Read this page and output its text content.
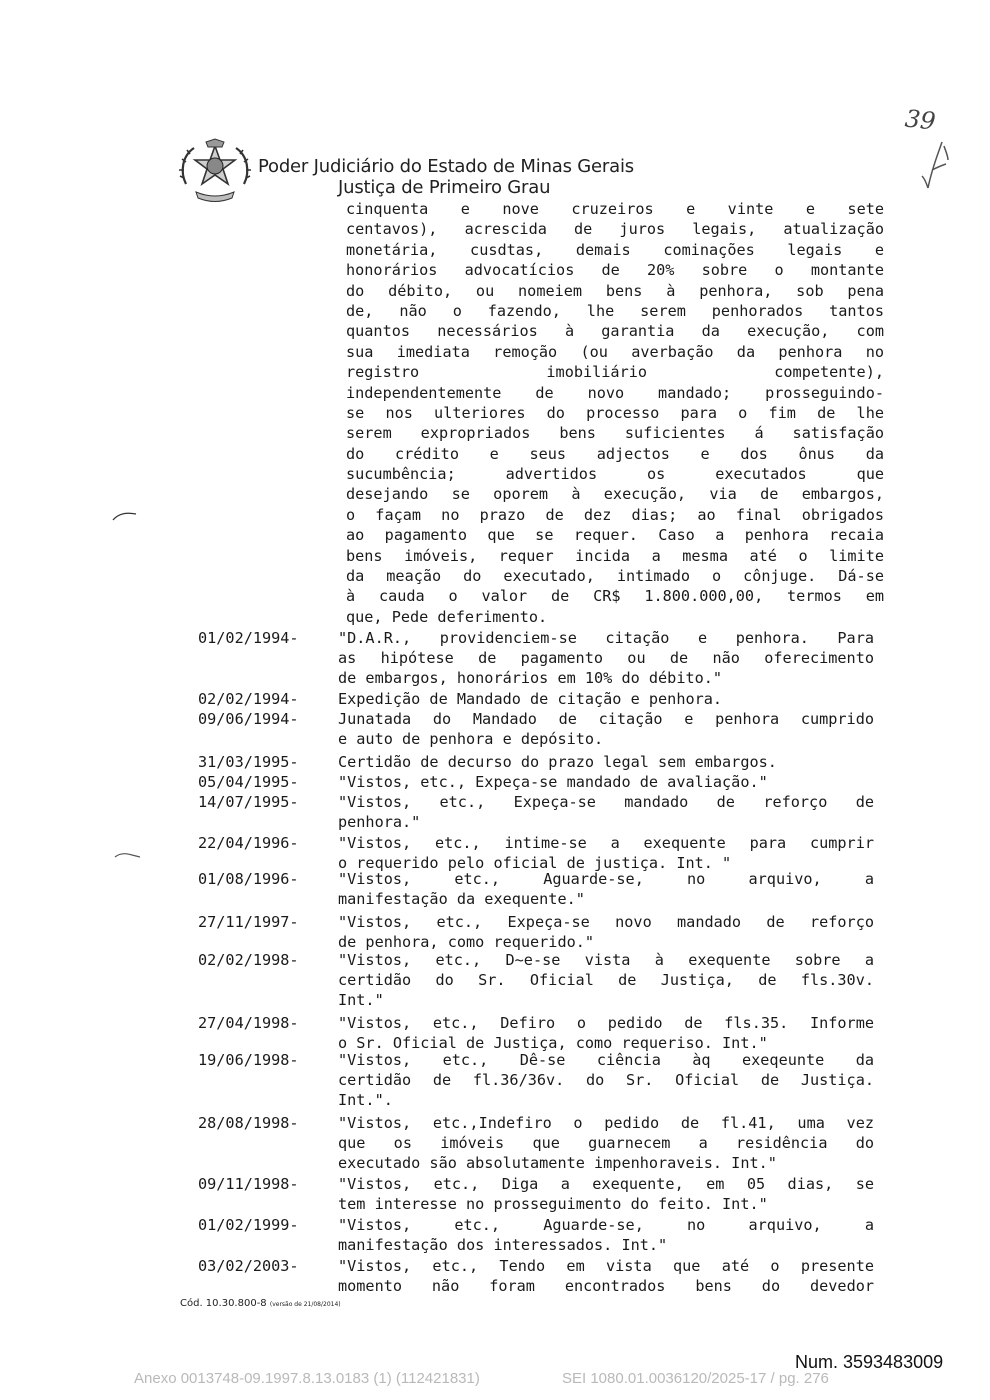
Poder Judiciário do Estado de Minas Gerais
Justiça de Primeiro Grau
39
cinquenta e nove cruzeiros e vinte e sete
centavos), acrescida de juros legais, atualização
monetária, cusdtas, demais cominações legais e
honorários advocatícios de 20% sobre o montante
do débito, ou nomeiem bens à penhora, sob pena
de, não o fazendo, lhe serem penhorados tantos
quantos necessários à garantia da execução, com
sua imediata remoção (ou averbação da penhora no
registro imobiliário competente),
independentemente de novo mandado; prosseguindo-
se nos ulteriores do processo para o fim de lhe
serem expropriados bens suficientes á satisfação
do crédito e seus adjectos e dos ônus da
sucumbência; advertidos os executados que
desejando se oporem à execução, via de embargos,
o façam no prazo de dez dias; ao final obrigados
ao pagamento que se requer. Caso a penhora recaia
bens imóveis, requer incida a mesma até o limite
da meação do executado, intimado o cônjuge. Dá-se
à cauda o valor de CR$ 1.800.000,00, termos em
que, Pede deferimento.
01/02/1994-	"D.A.R., providenciem-se citação e penhora. Para
as hipótese de pagamento ou de não oferecimento
de embargos, honorários em 10% do débito."
02/02/1994-	Expedição de Mandado de citação e penhora.
09/06/1994-	Junatada do Mandado de citação e penhora cumprido
e auto de penhora e depósito.
31/03/1995-	Certidão de decurso do prazo legal sem embargos.
05/04/1995-	"Vistos, etc., Expeça-se mandado de avaliação."
14/07/1995-	"Vistos, etc., Expeça-se mandado de reforço de
penhora."
22/04/1996-	"Vistos, etc., intime-se a exequente para cumprir
o requerido pelo oficial de justiça. Int. "
01/08/1996-	"Vistos, etc., Aguarde-se, no arquivo, a
manifestação da exequente."
27/11/1997-	"Vistos, etc., Expeça-se novo mandado de reforço
de penhora, como requerido."
02/02/1998-	"Vistos, etc., D~e-se vista à exequente sobre a
certidão do Sr. Oficial de Justiça, de fls.30v.
Int."
27/04/1998-	"Vistos, etc., Defiro o pedido de fls.35. Informe
o Sr. Oficial de Justiça, como requeriso. Int."
19/06/1998-	"Vistos, etc., Dê-se ciência àq exeqeunte da
certidão de fl.36/36v. do Sr. Oficial de Justiça.
Int.".
28/08/1998-	"Vistos, etc.,Indefiro o pedido de fl.41, uma vez
que os imóveis que guarnecem a residência do
executado são absolutamente impenhoraveis. Int."
09/11/1998-	"Vistos, etc., Diga a exequente, em 05 dias, se
tem interesse no prosseguimento do feito. Int."
01/02/1999-	"Vistos, etc., Aguarde-se, no arquivo, a
manifestação dos interessados. Int."
03/02/2003-	"Vistos, etc., Tendo em vista que até o presente
momento não foram encontrados bens do devedor
Cód. 10.30.800-8 (versão de 21/08/2014)
Num. 3593483009
Anexo 0013748-09.1997.8.13.0183 (1) (112421831)	SEI 1080.01.0036120/2025-17 / pg. 276
